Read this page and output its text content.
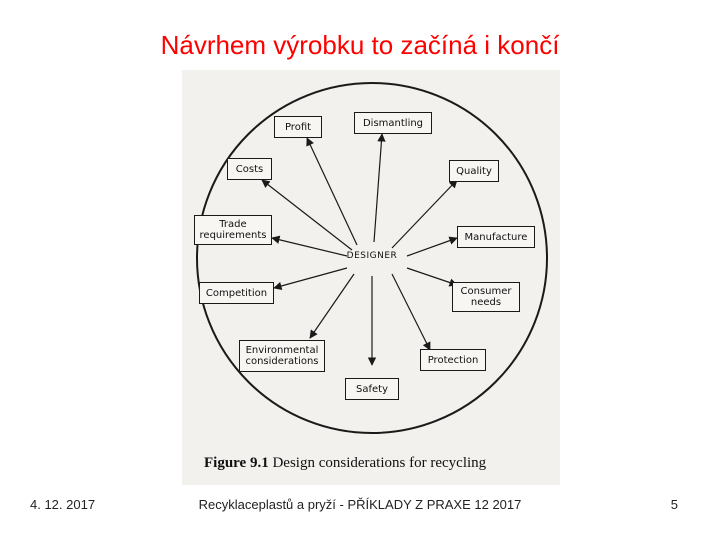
Návrhem výrobku to začíná i končí
DESIGNER
Profit	Dismantling
Costs	Quality
Trade
requirements	Manufacture
Competition	Consumer
needs
Environmental
considerations	Protection
Safety
Figure 9.1 Design considerations for recycling
4. 12. 2017	Recyklaceplastů a pryží - PŘÍKLADY Z PRAXE 12 2017	5
